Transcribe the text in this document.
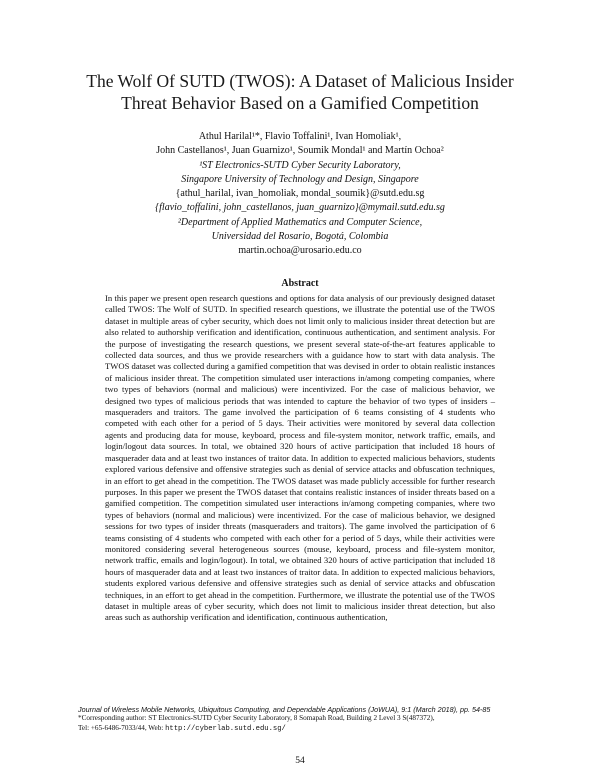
The Wolf Of SUTD (TWOS): A Dataset of Malicious Insider
Threat Behavior Based on a Gamified Competition
Athul Harilal¹*, Flavio Toffalini¹, Ivan Homoliak¹,
John Castellanos¹, Juan Guarnizo¹, Soumik Mondal¹ and Martín Ochoa²
¹ST Electronics-SUTD Cyber Security Laboratory,
Singapore University of Technology and Design, Singapore
{athul_harilal, ivan_homoliak, mondal_soumik}@sutd.edu.sg
{flavio_toffalini, john_castellanos, juan_guarnizo}@mymail.sutd.edu.sg
²Department of Applied Mathematics and Computer Science,
Universidad del Rosario, Bogotá, Colombia
martin.ochoa@urosario.edu.co
Abstract
In this paper we present open research questions and options for data analysis of our previously designed dataset called TWOS: The Wolf of SUTD. In specified research questions, we illustrate the potential use of the TWOS dataset in multiple areas of cyber security, which does not limit only to malicious insider threat detection but are also related to authorship verification and identification, continuous authentication, and sentiment analysis. For the purpose of investigating the research questions, we present several state-of-the-art features applicable to collected data sources, and thus we provide researchers with a guidance how to start with data analysis. The TWOS dataset was collected during a gamified competition that was devised in order to obtain realistic instances of malicious insider threat. The competition simulated user interactions in/among competing companies, where two types of behaviors (normal and malicious) were incentivized. For the case of malicious behavior, we designed two types of malicious periods that was intended to capture the behavior of two types of insiders – masqueraders and traitors. The game involved the participation of 6 teams consisting of 4 students who competed with each other for a period of 5 days. Their activities were monitored by several data collection agents and producing data for mouse, keyboard, process and file-system monitor, network traffic, emails, and login/logout data sources. In total, we obtained 320 hours of active participation that included 18 hours of masquerader data and at least two instances of traitor data. In addition to expected malicious behaviors, students explored various defensive and offensive strategies such as denial of service attacks and obfuscation techniques, in an effort to get ahead in the competition. The TWOS dataset was made publicly accessible for further research purposes. In this paper we present the TWOS dataset that contains realistic instances of insider threats based on a gamified competition. The competition simulated user interactions in/among competing companies, where two types of behaviors (normal and malicious) were incentivized. For the case of malicious behavior, we designed sessions for two types of insider threats (masqueraders and traitors). The game involved the participation of 6 teams consisting of 4 students who competed with each other for a period of 5 days, while their activities were monitored considering several heterogeneous sources (mouse, keyboard, process and file-system monitor, network traffic, emails and login/logout). In total, we obtained 320 hours of active participation that included 18 hours of masquerader data and at least two instances of traitor data. In addition to expected malicious behaviors, students explored various defensive and offensive strategies such as denial of service attacks and obfuscation techniques, in an effort to get ahead in the competition. Furthermore, we illustrate the potential use of the TWOS dataset in multiple areas of cyber security, which does not limit to malicious insider threat detection, but also areas such as authorship verification and identification, continuous authentication,
Journal of Wireless Mobile Networks, Ubiquitous Computing, and Dependable Applications (JoWUA), 9:1 (March 2018), pp. 54-85
*Corresponding author: ST Electronics-SUTD Cyber Security Laboratory, 8 Somapah Road, Building 2 Level 3 S(487372),
Tel: +65-6486-7033/44, Web: http://cyberlab.sutd.edu.sg/
54
